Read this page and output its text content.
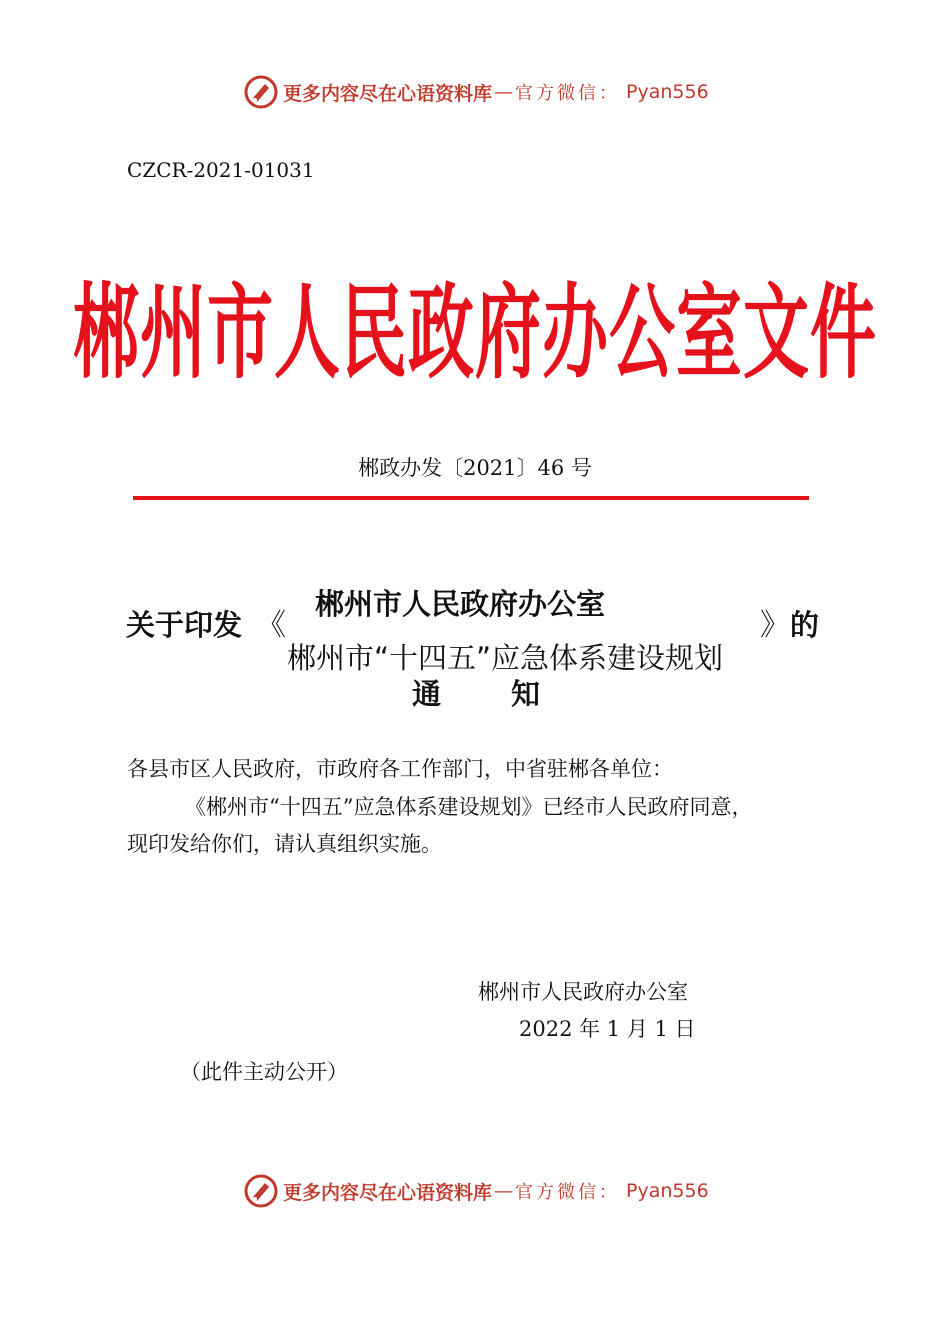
更多内容尽在心语资料库 — 官方微信： Pyan556
CZCR-2021-01031
郴州市人民政府办公室文件
郴政办发〔2021〕46 号
关于印发 《
郴州市人民政府办公室
郴州市“十四五”应急体系建设规划
》 的
通 知
各县市区人民政府，市政府各工作部门，中省驻郴各单位：
《郴州市“十四五”应急体系建设规划》已经市人民政府同意，
现印发给你们，请认真组织实施。
郴州市人民政府办公室
2022 年 1 月 1 日
（此件主动公开）
更多内容尽在心语资料库 — 官方微信： Pyan556
